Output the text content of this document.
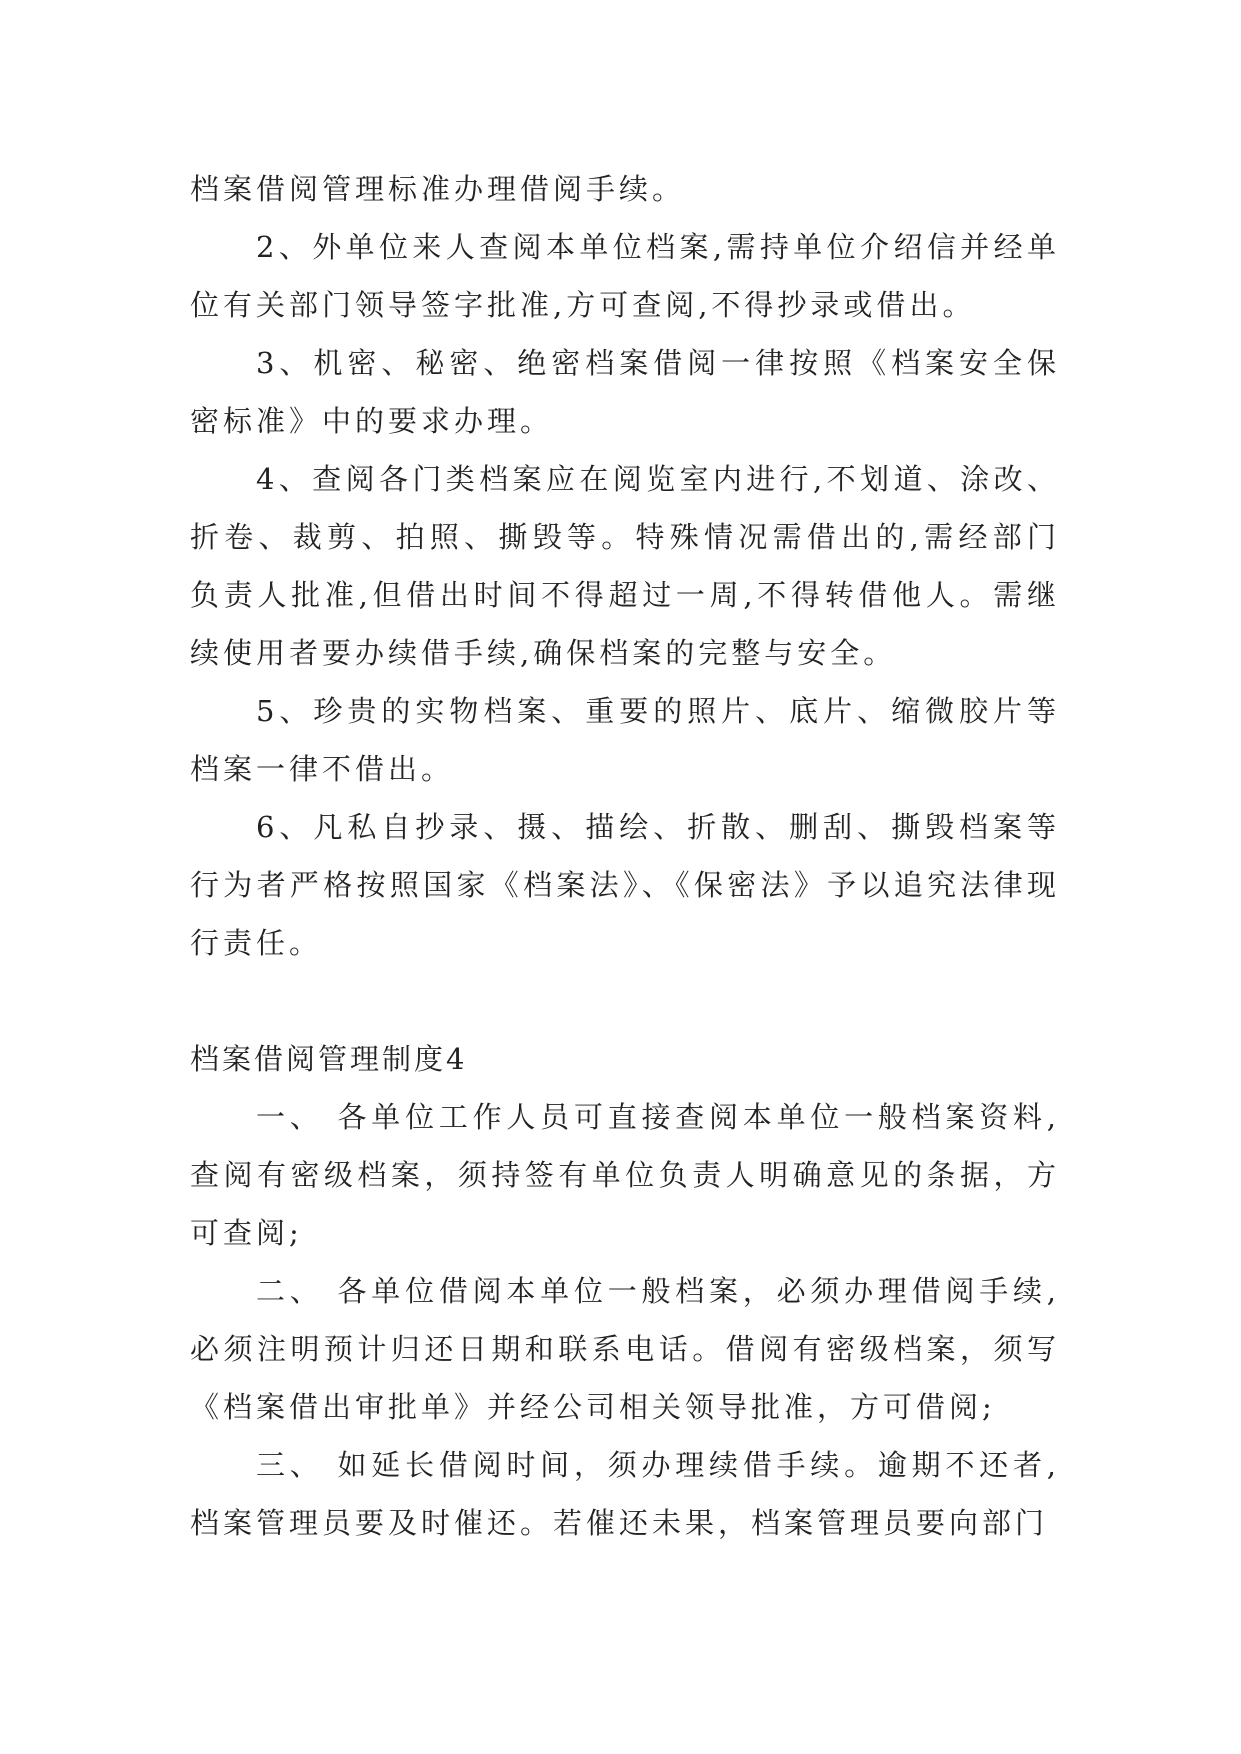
档案借阅管理标准办理借阅手续。

2、外单位来人查阅本单位档案,需持单位介绍信并经单位有关部门领导签字批准,方可查阅,不得抄录或借出。

3、机密、秘密、绝密档案借阅一律按照《档案安全保密标准》中的要求办理。

4、查阅各门类档案应在阅览室内进行,不划道、涂改、折卷、裁剪、拍照、撕毁等。特殊情况需借出的,需经部门负责人批准,但借出时间不得超过一周,不得转借他人。需继续使用者要办续借手续,确保档案的完整与安全。

5、珍贵的实物档案、重要的照片、底片、缩微胶片等档案一律不借出。

6、凡私自抄录、摄、描绘、折散、删刮、撕毁档案等行为者严格按照国家《档案法》、《保密法》予以追究法律现行责任。

档案借阅管理制度4

一、 各单位工作人员可直接查阅本单位一般档案资料,查阅有密级档案，须持签有单位负责人明确意见的条据，方可查阅;

二、 各单位借阅本单位一般档案，必须办理借阅手续,必须注明预计归还日期和联系电话。借阅有密级档案，须写《档案借出审批单》并经公司相关领导批准，方可借阅;

三、 如延长借阅时间，须办理续借手续。逾期不还者,档案管理员要及时催还。若催还未果，档案管理员要向部门
